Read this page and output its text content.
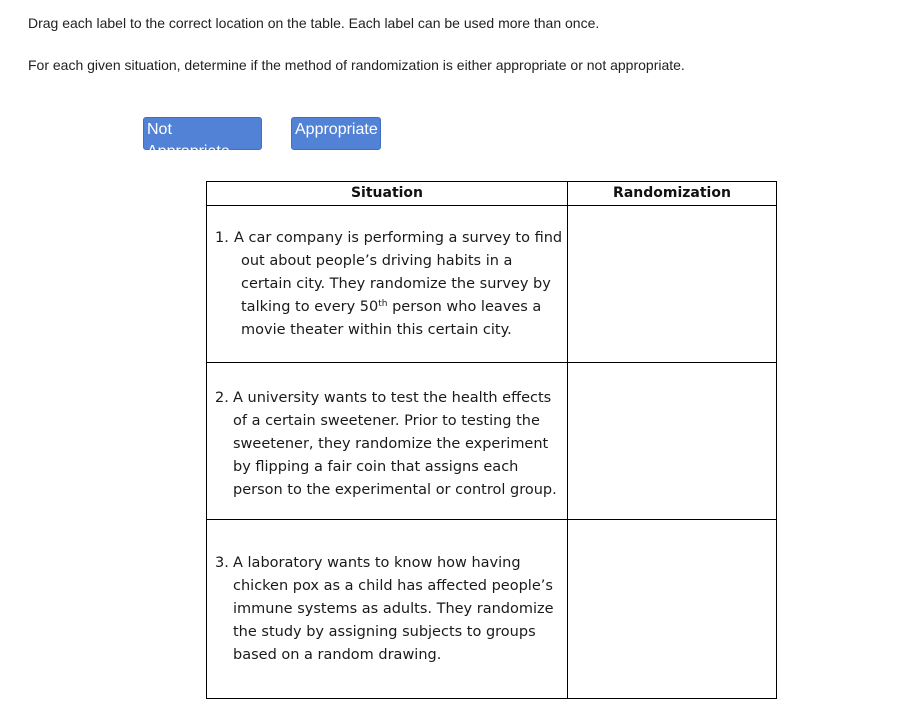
Drag each label to the correct location on the table. Each label can be used more than once.
For each given situation, determine if the method of randomization is either appropriate or not appropriate.
Not Appropriate
Appropriate
Situation	Randomization
1. A car company is performing a survey to find out about people’s driving habits in a certain city. They randomize the survey by talking to every 50th person who leaves a movie theater within this certain city.
2. A university wants to test the health effects of a certain sweetener. Prior to testing the sweetener, they randomize the experiment by flipping a fair coin that assigns each person to the experimental or control group.
3. A laboratory wants to know how having chicken pox as a child has affected people’s immune systems as adults. They randomize the study by assigning subjects to groups based on a random drawing.
